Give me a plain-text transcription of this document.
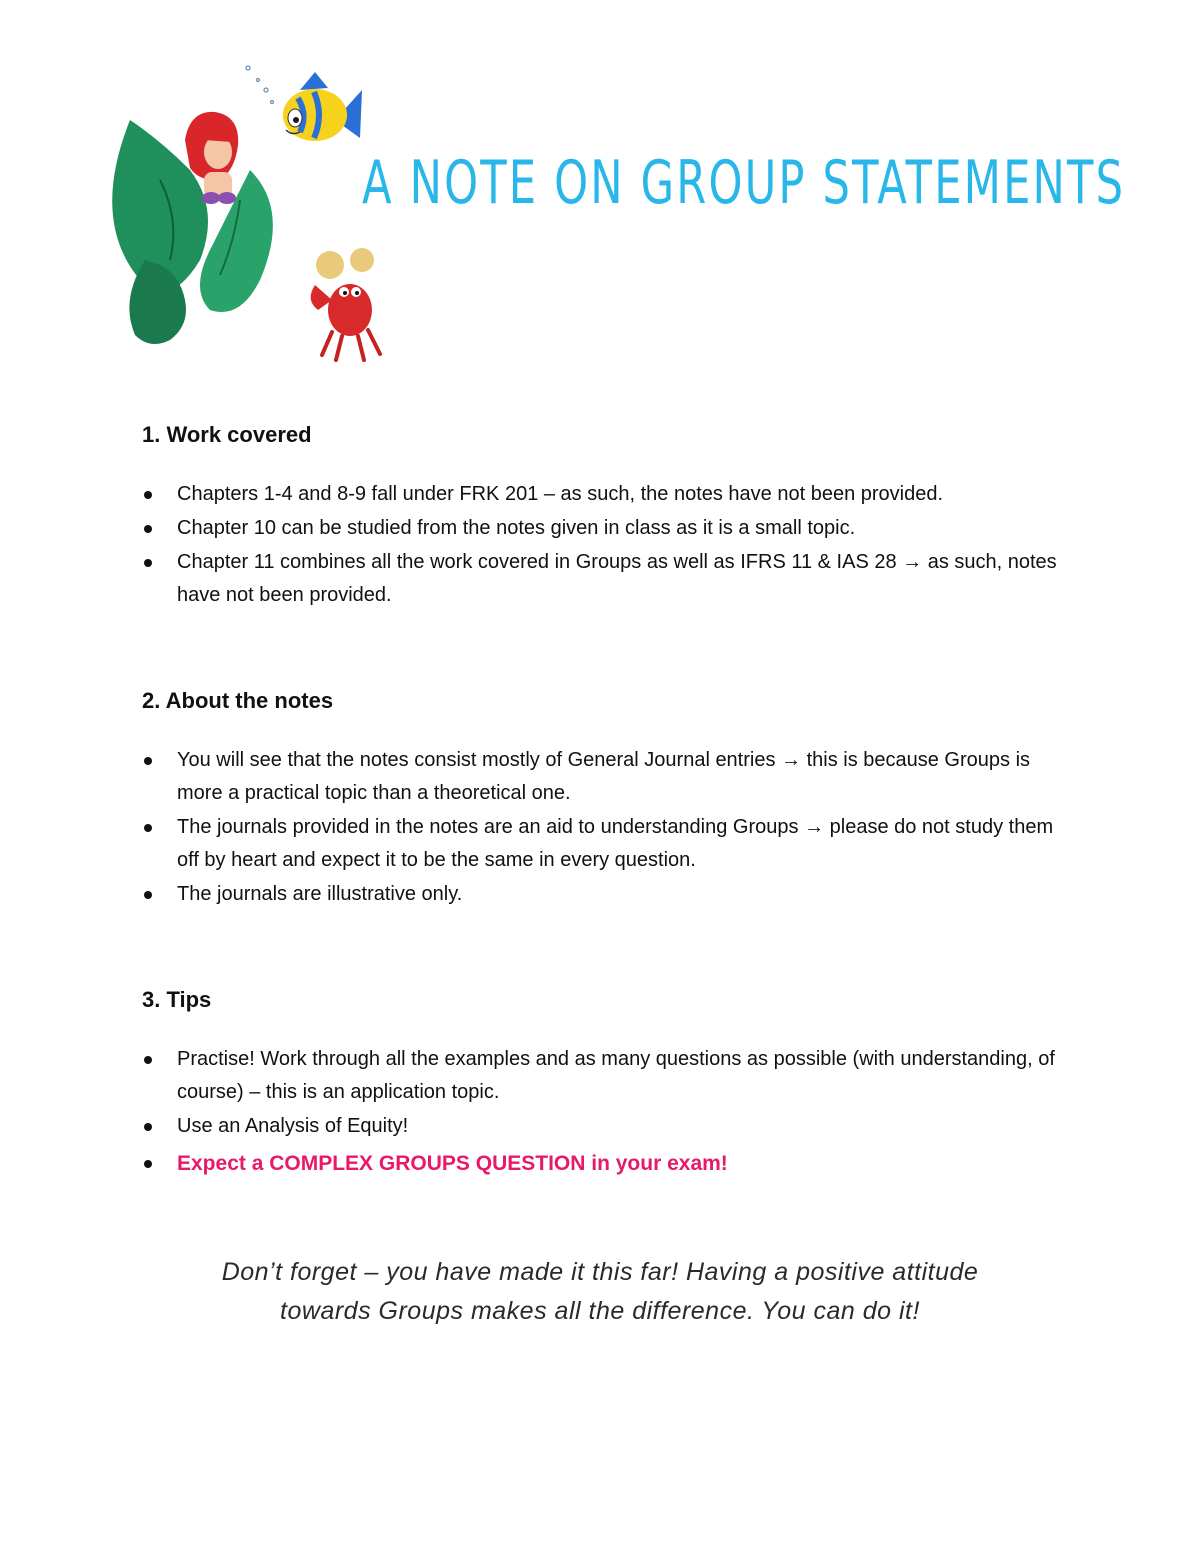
A NOTE ON GROUP STATEMENTS
1. Work covered
Chapters 1-4 and 8-9 fall under FRK 201 – as such, the notes have not been provided.
Chapter 10 can be studied from the notes given in class as it is a small topic.
Chapter 11 combines all the work covered in Groups as well as IFRS 11 & IAS 28 → as such, notes have not been provided.
2. About the notes
You will see that the notes consist mostly of General Journal entries → this is because Groups is more a practical topic than a theoretical one.
The journals provided in the notes are an aid to understanding Groups → please do not study them off by heart and expect it to be the same in every question.
The journals are illustrative only.
3. Tips
Practise! Work through all the examples and as many questions as possible (with understanding, of course) – this is an application topic.
Use an Analysis of Equity!
Expect a COMPLEX GROUPS QUESTION in your exam!

Don’t forget – you have made it this far! Having a positive attitude
towards Groups makes all the difference. You can do it!
